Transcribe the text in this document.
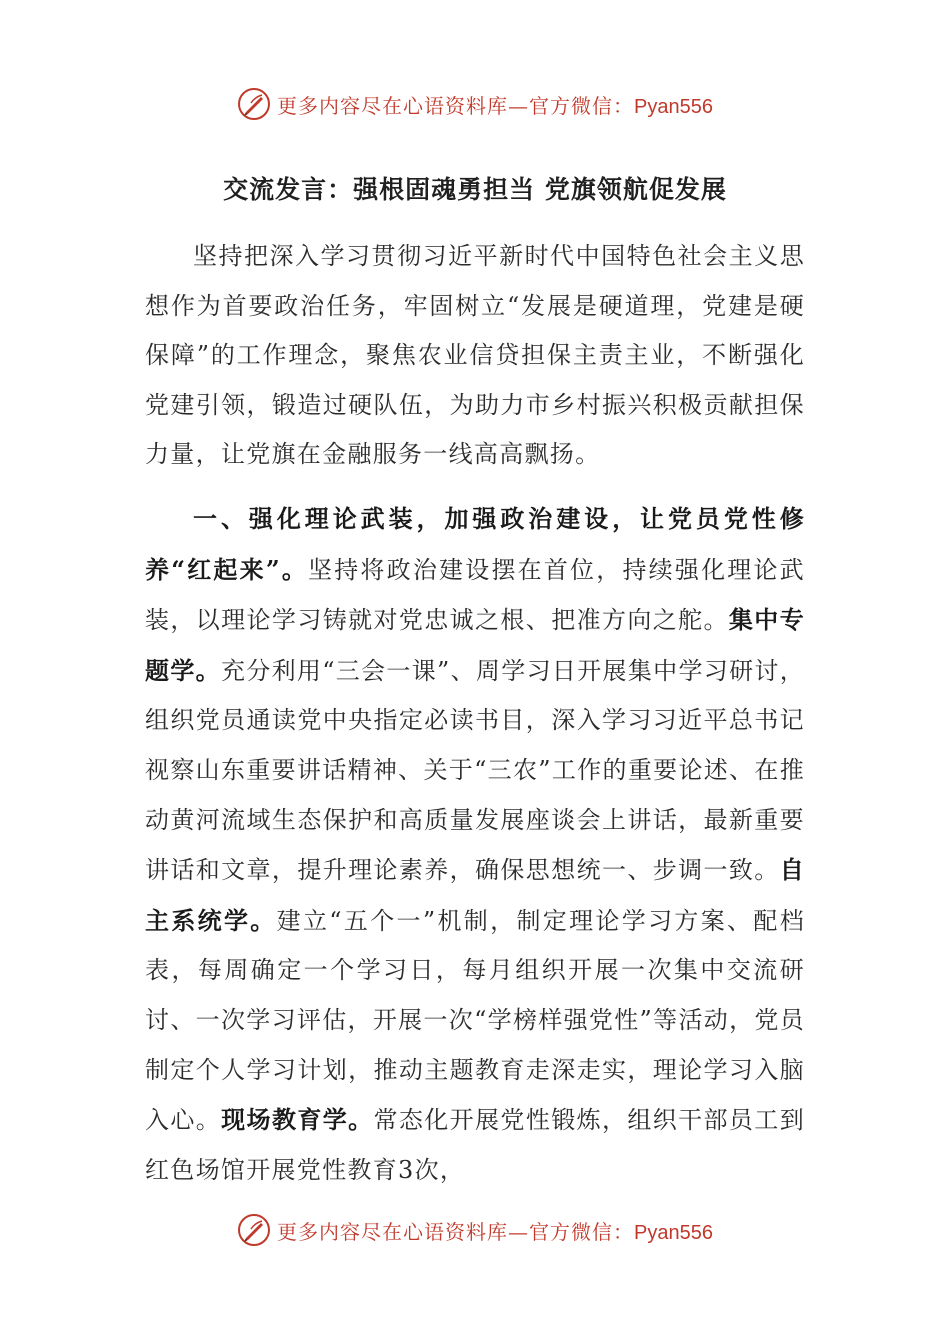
更多内容尽在心语资料库—官方微信：Pyan556
交流发言：强根固魂勇担当 党旗领航促发展

坚持把深入学习贯彻习近平新时代中国特色社会主义思想作为首要政治任务，牢固树立“发展是硬道理，党建是硬保障”的工作理念，聚焦农业信贷担保主责主业，不断强化党建引领，锻造过硬队伍，为助力市乡村振兴积极贡献担保力量，让党旗在金融服务一线高高飘扬。

一、强化理论武装，加强政治建设，让党员党性修养“红起来”。坚持将政治建设摆在首位，持续强化理论武装，以理论学习铸就对党忠诚之根、把准方向之舵。集中专题学。充分利用“三会一课”、周学习日开展集中学习研讨，组织党员通读党中央指定必读书目，深入学习习近平总书记视察山东重要讲话精神、关于“三农”工作的重要论述、在推动黄河流域生态保护和高质量发展座谈会上讲话，最新重要讲话和文章，提升理论素养，确保思想统一、步调一致。自主系统学。建立“五个一”机制，制定理论学习方案、配档表，每周确定一个学习日，每月组织开展一次集中交流研讨、一次学习评估，开展一次“学榜样强党性”等活动，党员制定个人学习计划，推动主题教育走深走实，理论学习入脑入心。现场教育学。常态化开展党性锻炼，组织干部员工到红色场馆开展党性教育3次，

更多内容尽在心语资料库—官方微信：Pyan556
